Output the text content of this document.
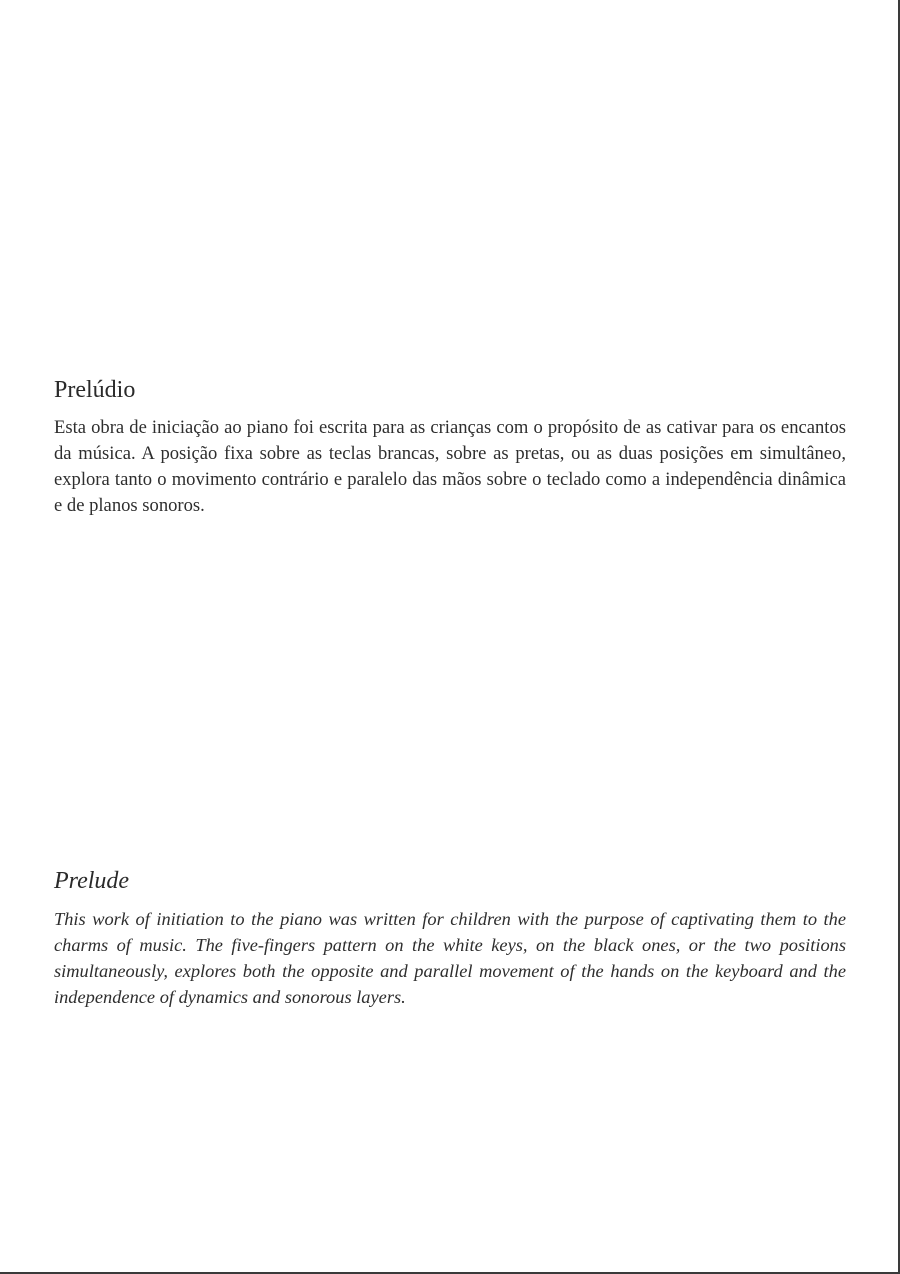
Prelúdio

Esta obra de iniciação ao piano foi escrita para as crianças com o propósito de as cativar para os encantos da música. A posição fixa sobre as teclas brancas, sobre as pretas, ou as duas posições em simultâneo, explora tanto o movimento contrário e paralelo das mãos sobre o teclado como a independência dinâmica e de planos sonoros.

Prelude

This work of initiation to the piano was written for children with the purpose of captivating them to the charms of music. The five-fingers pattern on the white keys, on the black ones, or the two positions simultaneously, explores both the opposite and parallel movement of the hands on the keyboard and the independence of dynamics and sonorous layers.
